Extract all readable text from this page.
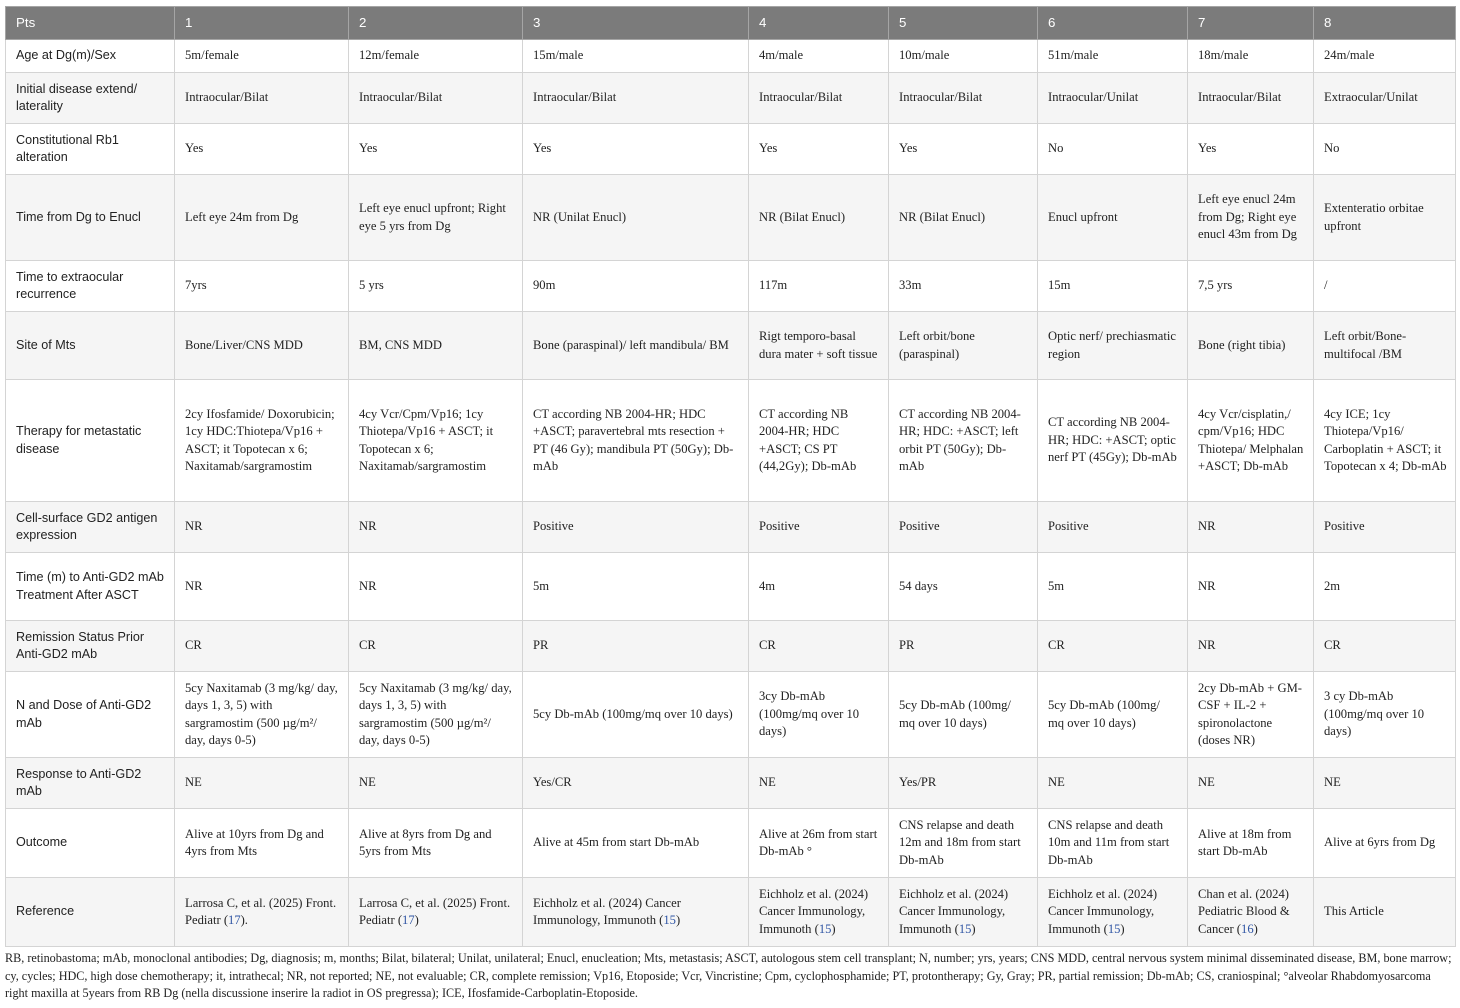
Pts	1	2	3	4	5	6	7	8
Age at Dg(m)/Sex	5m/female	12m/female	15m/male	4m/male	10m/male	51m/male	18m/male	24m/male
Initial disease extend/ laterality	Intraocular/Bilat	Intraocular/Bilat	Intraocular/Bilat	Intraocular/Bilat	Intraocular/Bilat	Intraocular/Unilat	Intraocular/Bilat	Extraocular/Unilat
Constitutional Rb1 alteration	Yes	Yes	Yes	Yes	Yes	No	Yes	No
Time from Dg to Enucl	Left eye 24m from Dg	Left eye enucl upfront; Right eye 5 yrs from Dg	NR (Unilat Enucl)	NR (Bilat Enucl)	NR (Bilat Enucl)	Enucl upfront	Left eye enucl 24m from Dg; Right eye enucl 43m from Dg	Extenteratio orbitae upfront
Time to extraocular recurrence	7yrs	5 yrs	90m	117m	33m	15m	7,5 yrs	/
Site of Mts	Bone/Liver/CNS MDD	BM, CNS MDD	Bone (paraspinal)/ left mandibula/ BM	Rigt temporo-basal dura mater + soft tissue	Left orbit/bone (paraspinal)	Optic nerf/ prechiasmatic region	Bone (right tibia)	Left orbit/Bone-multifocal /BM
Therapy for metastatic disease	2cy Ifosfamide/ Doxorubicin; 1cy HDC:Thiotepa/Vp16 + ASCT; it Topotecan x 6; Naxitamab/sargramostim	4cy Vcr/Cpm/Vp16; 1cy Thiotepa/Vp16 + ASCT; it Topotecan x 6; Naxitamab/sargramostim	CT according NB 2004-HR; HDC +ASCT; paravertebral mts resection + PT (46 Gy); mandibula PT (50Gy); Db-mAb	CT according NB 2004-HR; HDC +ASCT; CS PT (44,2Gy); Db-mAb	CT according NB 2004-HR; HDC: +ASCT; left orbit PT (50Gy); Db-mAb	CT according NB 2004-HR; HDC: +ASCT; optic nerf PT (45Gy); Db-mAb	4cy Vcr/cisplatin,/ cpm/Vp16; HDC Thiotepa/ Melphalan +ASCT; Db-mAb	4cy ICE; 1cy Thiotepa/Vp16/ Carboplatin + ASCT; it Topotecan x 4; Db-mAb
Cell-surface GD2 antigen expression	NR	NR	Positive	Positive	Positive	Positive	NR	Positive
Time (m) to Anti-GD2 mAb Treatment After ASCT	NR	NR	5m	4m	54 days	5m	NR	2m
Remission Status Prior Anti-GD2 mAb	CR	CR	PR	CR	PR	CR	NR	CR
N and Dose of Anti-GD2 mAb	5cy Naxitamab (3 mg/kg/ day, days 1, 3, 5) with sargramostim (500 µg/m²/ day, days 0-5)	5cy Naxitamab (3 mg/kg/ day, days 1, 3, 5) with sargramostim (500 µg/m²/ day, days 0-5)	5cy Db-mAb (100mg/mq over 10 days)	3cy Db-mAb (100mg/mq over 10 days)	5cy Db-mAb (100mg/ mq over 10 days)	5cy Db-mAb (100mg/ mq over 10 days)	2cy Db-mAb + GM-CSF + IL-2 + spironolactone (doses NR)	3 cy Db-mAb (100mg/mq over 10 days)
Response to Anti-GD2 mAb	NE	NE	Yes/CR	NE	Yes/PR	NE	NE	NE
Outcome	Alive at 10yrs from Dg and 4yrs from Mts	Alive at 8yrs from Dg and 5yrs from Mts	Alive at 45m from start Db-mAb	Alive at 26m from start Db-mAb °	CNS relapse and death 12m and 18m from start Db-mAb	CNS relapse and death 10m and 11m from start Db-mAb	Alive at 18m from start Db-mAb	Alive at 6yrs from Dg
Reference	Larrosa C, et al. (2025) Front. Pediatr (17).	Larrosa C, et al. (2025) Front. Pediatr (17)	Eichholz et al. (2024) Cancer Immunology, Immunoth (15)	Eichholz et al. (2024) Cancer Immunology, Immunoth (15)	Eichholz et al. (2024) Cancer Immunology, Immunoth (15)	Eichholz et al. (2024) Cancer Immunology, Immunoth (15)	Chan et al. (2024) Pediatric Blood & Cancer (16)	This Article
RB, retinobastoma; mAb, monoclonal antibodies; Dg, diagnosis; m, months; Bilat, bilateral; Unilat, unilateral; Enucl, enucleation; Mts, metastasis; ASCT, autologous stem cell transplant; N, number; yrs, years; CNS MDD, central nervous system minimal disseminated disease, BM, bone marrow; cy, cycles; HDC, high dose chemotherapy; it, intrathecal; NR, not reported; NE, not evaluable; CR, complete remission; Vp16, Etoposide; Vcr, Vincristine; Cpm, cyclophosphamide; PT, protontherapy; Gy, Gray; PR, partial remission; Db-mAb; CS, craniospinal; °alveolar Rhabdomyosarcoma right maxilla at 5years from RB Dg (nella discussione inserire la radiot in OS pregressa); ICE, Ifosfamide-Carboplatin-Etoposide.
